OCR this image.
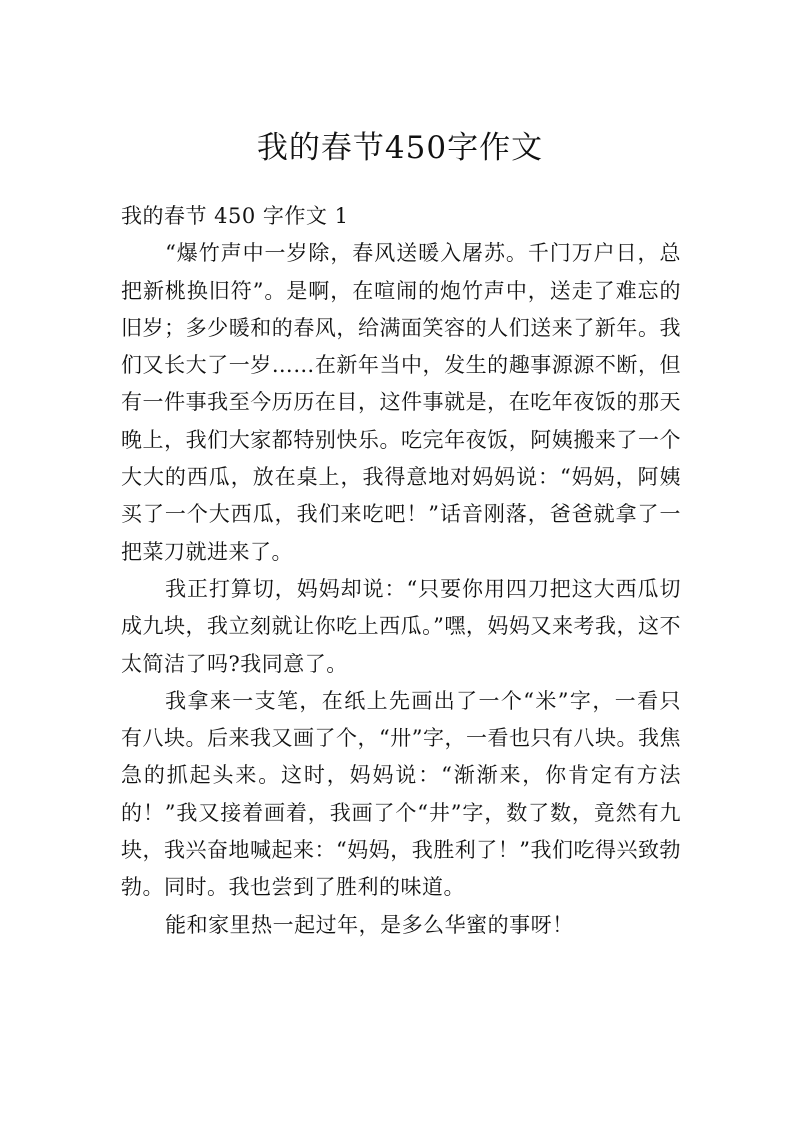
我的春节450字作文

我的春节 450 字作文 1

“爆竹声中一岁除，春风送暖入屠苏。千门万户日，总把新桃换旧符”。是啊，在喧闹的炮竹声中，送走了难忘的旧岁；多少暖和的春风，给满面笑容的人们送来了新年。我们又长大了一岁……在新年当中，发生的趣事源源不断，但有一件事我至今历历在目，这件事就是，在吃年夜饭的那天晚上，我们大家都特别快乐。吃完年夜饭，阿姨搬来了一个大大的西瓜，放在桌上，我得意地对妈妈说：“妈妈，阿姨买了一个大西瓜，我们来吃吧！”话音刚落，爸爸就拿了一把菜刀就进来了。

我正打算切，妈妈却说：“只要你用四刀把这大西瓜切成九块，我立刻就让你吃上西瓜。”嘿，妈妈又来考我，这不太简洁了吗?我同意了。

我拿来一支笔，在纸上先画出了一个“米”字，一看只有八块。后来我又画了个，“卅”字，一看也只有八块。我焦急的抓起头来。这时，妈妈说：“渐渐来，你肯定有方法的！”我又接着画着，我画了个“井”字，数了数，竟然有九块，我兴奋地喊起来：“妈妈，我胜利了！”我们吃得兴致勃勃。同时。我也尝到了胜利的味道。

能和家里热一起过年，是多么华蜜的事呀！
